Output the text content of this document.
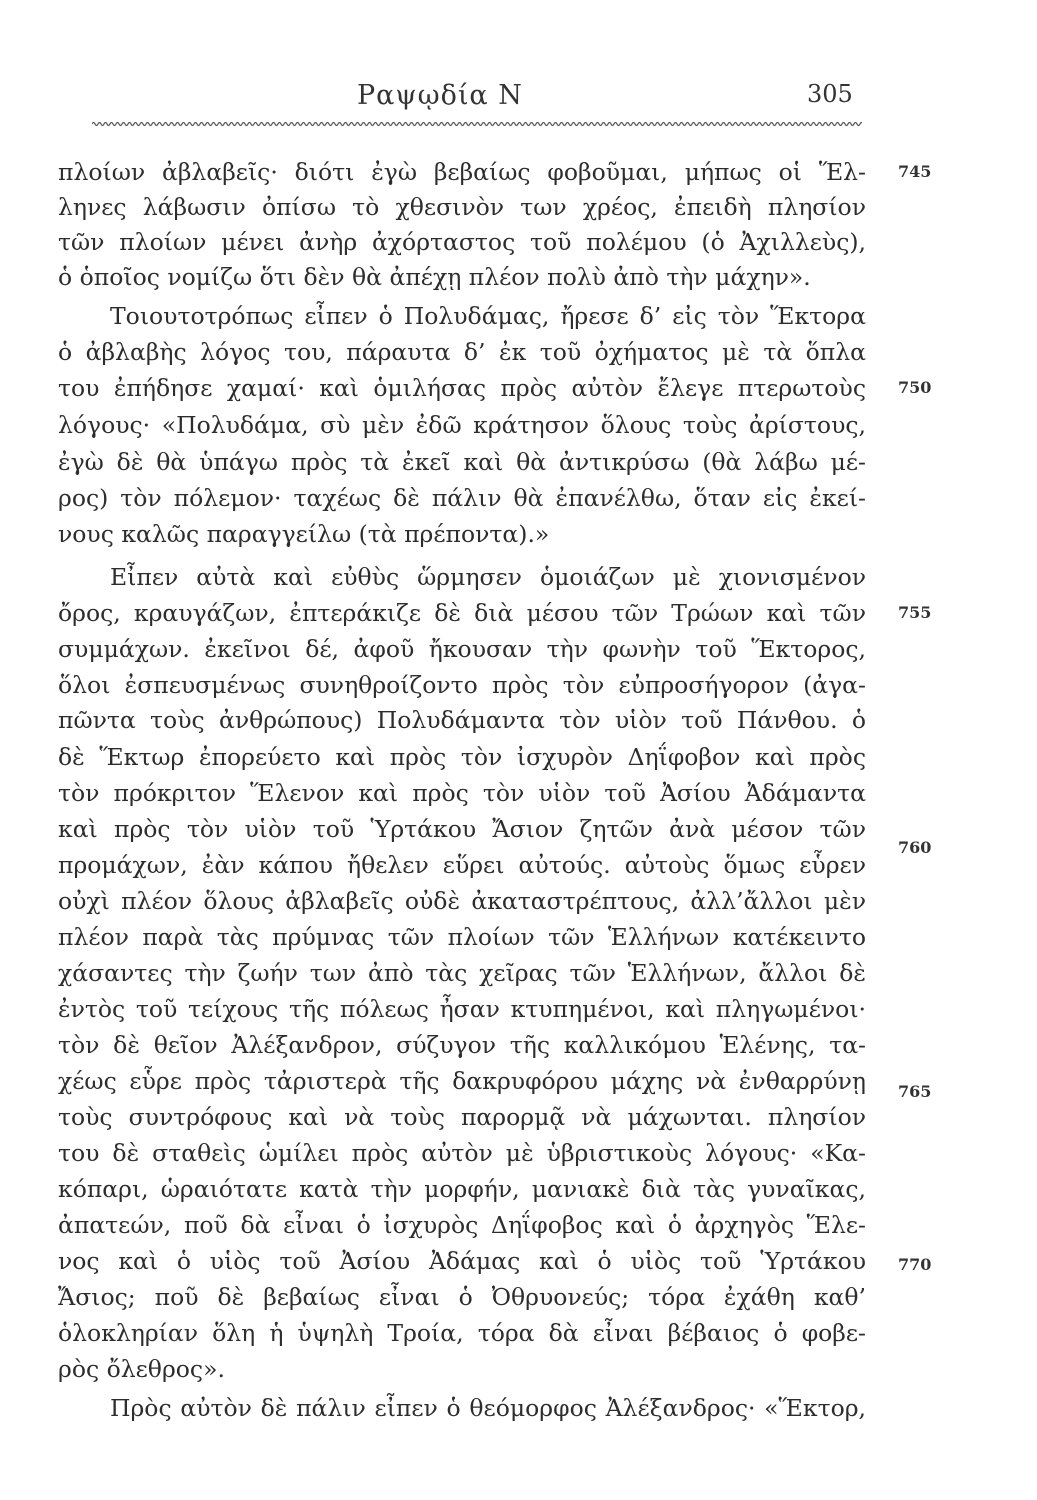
Ραψῳδία Ν	305
πλοίων ἀβλαβεῖς· διότι ἐγὼ βεβαίως φοβοῦμαι, μήπως οἱ Ἕλ-
ληνες λάβωσιν ὀπίσω τὸ χθεσινὸν των χρέος, ἐπειδὴ πλησίον
τῶν πλοίων μένει ἀνὴρ ἀχόρταστος τοῦ πολέμου (ὁ Ἀχιλλεὺς),
ὁ ὁποῖος νομίζω ὅτι δὲν θὰ ἀπέχῃ πλέον πολὺ ἀπὸ τὴν μάχην».
Τοιουτοτρόπως εἶπεν ὁ Πολυδάμας, ἤρεσε δ’ εἰς τὸν Ἕκτορα
ὁ ἀβλαβὴς λόγος του, πάραυτα δ’ ἐκ τοῦ ὀχήματος μὲ τὰ ὅπλα
του ἐπήδησε χαμαί· καὶ ὁμιλήσας πρὸς αὐτὸν ἔλεγε πτερωτοὺς
λόγους· «Πολυδάμα, σὺ μὲν ἐδῶ κράτησον ὅλους τοὺς ἀρίστους,
ἐγὼ δὲ θὰ ὑπάγω πρὸς τὰ ἐκεῖ καὶ θὰ ἀντικρύσω (θὰ λάβω μέ-
ρος) τὸν πόλεμον· ταχέως δὲ πάλιν θὰ ἐπανέλθω, ὅταν εἰς ἐκεί-
νους καλῶς παραγγείλω (τὰ πρέποντα).»
Εἶπεν αὐτὰ καὶ εὐθὺς ὥρμησεν ὁμοιάζων μὲ χιονισμένον
ὄρος, κραυγάζων, ἐπτεράκιζε δὲ διὰ μέσου τῶν Τρώων καὶ τῶν
συμμάχων. ἐκεῖνοι δέ, ἀφοῦ ἤκουσαν τὴν φωνὴν τοῦ Ἕκτορος,
ὅλοι ἐσπευσμένως συνηθροίζοντο πρὸς τὸν εὐπροσήγορον (ἀγα-
πῶντα τοὺς ἀνθρώπους) Πολυδάμαντα τὸν υἱὸν τοῦ Πάνθου. ὁ
δὲ Ἕκτωρ ἐπορεύετο καὶ πρὸς τὸν ἰσχυρὸν Δηΐφοβον καὶ πρὸς
τὸν πρόκριτον Ἕλενον καὶ πρὸς τὸν υἱὸν τοῦ Ἀσίου Ἀδάμαντα
καὶ πρὸς τὸν υἱὸν τοῦ Ὑρτάκου Ἄσιον ζητῶν ἀνὰ μέσον τῶν
προμάχων, ἐὰν κάπου ἤθελεν εὕρει αὐτούς. αὐτοὺς ὅμως εὗρεν
οὐχὶ πλέον ὅλους ἀβλαβεῖς οὐδὲ ἀκαταστρέπτους, ἀλλ’ἄλλοι μὲν
πλέον παρὰ τὰς πρύμνας τῶν πλοίων τῶν Ἑλλήνων κατέκειντο
χάσαντες τὴν ζωήν των ἀπὸ τὰς χεῖρας τῶν Ἑλλήνων, ἄλλοι δὲ
ἐντὸς τοῦ τείχους τῆς πόλεως ἦσαν κτυπημένοι, καὶ πληγωμένοι·
τὸν δὲ θεῖον Ἀλέξανδρον, σύζυγον τῆς καλλικόμου Ἑλένης, τα-
χέως εὗρε πρὸς τἀριστερὰ τῆς δακρυφόρου μάχης νὰ ἐνθαρρύνῃ
τοὺς συντρόφους καὶ νὰ τοὺς παρορμᾷ νὰ μάχωνται. πλησίον
του δὲ σταθεὶς ὡμίλει πρὸς αὐτὸν μὲ ὑβριστικοὺς λόγους· «Κα-
κόπαρι, ὡραιότατε κατὰ τὴν μορφήν, μανιακὲ διὰ τὰς γυναῖκας,
ἀπατεών, ποῦ δὰ εἶναι ὁ ἰσχυρὸς Δηΐφοβος καὶ ὁ ἀρχηγὸς Ἕλε-
νος καὶ ὁ υἱὸς τοῦ Ἀσίου Ἀδάμας καὶ ὁ υἱὸς τοῦ Ὑρτάκου
Ἄσιος; ποῦ δὲ βεβαίως εἶναι ὁ Ὀθρυονεύς; τόρα ἐχάθη καθ’
ὁλοκληρίαν ὅλη ἡ ὑψηλὴ Τροία, τόρα δὰ εἶναι βέβαιος ὁ φοβε-
ρὸς ὄλεθρος».
Πρὸς αὐτὸν δὲ πάλιν εἶπεν ὁ θεόμορφος Ἀλέξανδρος· «Ἕκτορ,
745
750
755
760
765
770
